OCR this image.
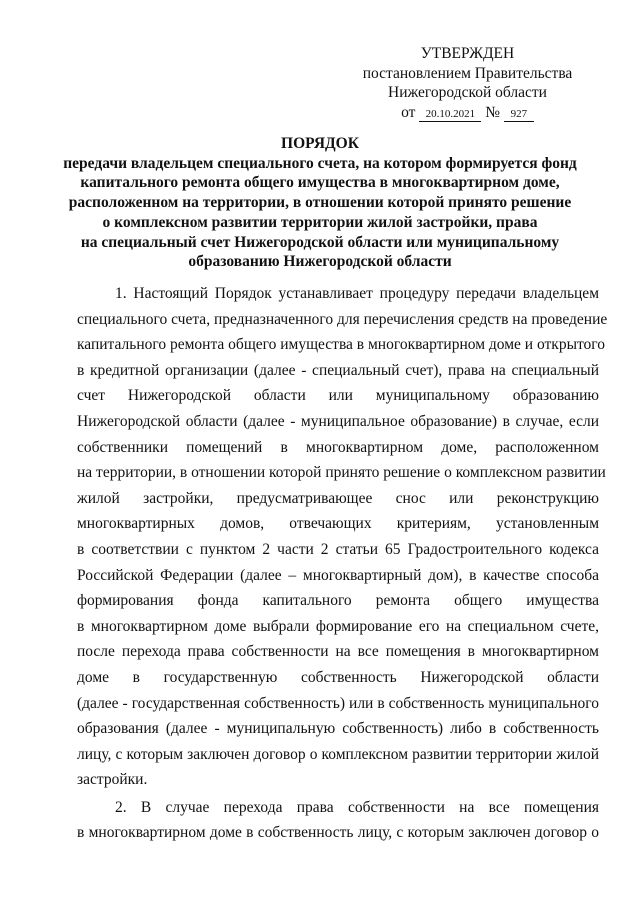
УТВЕРЖДЕН
постановлением Правительства
Нижегородской области
от 20.10.2021 № 927
ПОРЯДОК
передачи владельцем специального счета, на котором формируется фонд
капитального ремонта общего имущества в многоквартирном доме,
расположенном на территории, в отношении которой принято решение
о комплексном развитии территории жилой застройки, права
на специальный счет Нижегородской области или муниципальному
образованию Нижегородской области
1. Настоящий Порядок устанавливает процедуру передачи владельцем
специального счета, предназначенного для перечисления средств на проведение
капитального ремонта общего имущества в многоквартирном доме и открытого
в кредитной организации (далее - специальный счет), права на специальный
счет Нижегородской области или муниципальному образованию
Нижегородской области (далее - муниципальное образование) в случае, если
собственники помещений в многоквартирном доме, расположенном
на территории, в отношении которой принято решение о комплексном развитии
жилой застройки, предусматривающее снос или реконструкцию
многоквартирных домов, отвечающих критериям, установленным
в соответствии с пунктом 2 части 2 статьи 65 Градостроительного кодекса
Российской Федерации (далее – многоквартирный дом), в качестве способа
формирования фонда капитального ремонта общего имущества
в многоквартирном доме выбрали формирование его на специальном счете,
после перехода права собственности на все помещения в многоквартирном
доме в государственную собственность Нижегородской области
(далее - государственная собственность) или в собственность муниципального
образования (далее - муниципальную собственность) либо в собственность
лицу, с которым заключен договор о комплексном развитии территории жилой
застройки.
2. В случае перехода права собственности на все помещения
в многоквартирном доме в собственность лицу, с которым заключен договор о
